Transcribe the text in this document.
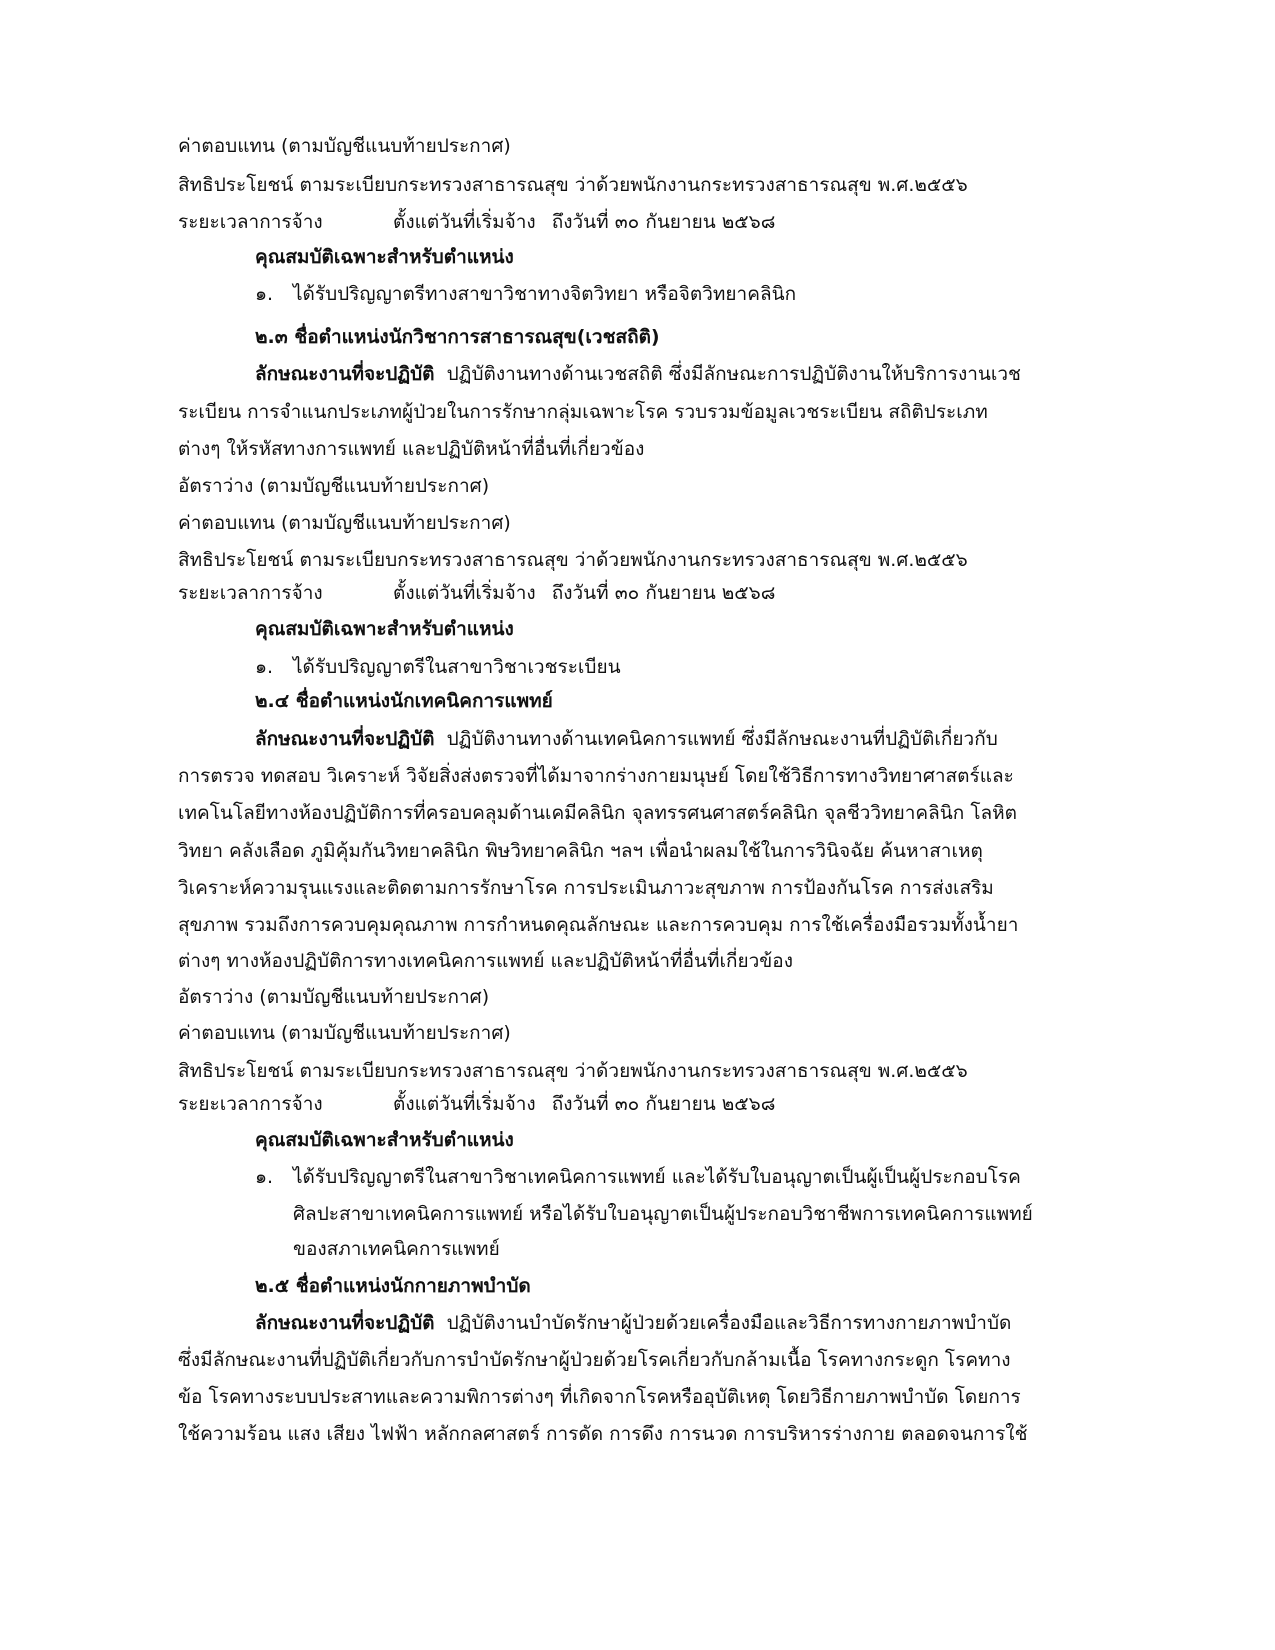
ค่าตอบแทน (ตามบัญชีแนบท้ายประกาศ)
สิทธิประโยชน์ ตามระเบียบกระทรวงสาธารณสุข ว่าด้วยพนักงานกระทรวงสาธารณสุข พ.ศ.๒๕๕๖
ระยะเวลาการจ้าง	ตั้งแต่วันที่เริ่มจ้าง ถึงวันที่ ๓๐ กันยายน ๒๕๖๘
คุณสมบัติเฉพาะสำหรับตำแหน่ง
๑. ได้รับปริญญาตรีทางสาขาวิชาทางจิตวิทยา หรือจิตวิทยาคลินิก
๒.๓ ชื่อตำแหน่งนักวิชาการสาธารณสุข(เวชสถิติ)
ลักษณะงานที่จะปฏิบัติ ปฏิบัติงานทางด้านเวชสถิติ ซึ่งมีลักษณะการปฏิบัติงานให้บริการงานเวช
ระเบียน การจำแนกประเภทผู้ป่วยในการรักษากลุ่มเฉพาะโรค รวบรวมข้อมูลเวชระเบียน สถิติประเภท
ต่างๆ ให้รหัสทางการแพทย์ และปฏิบัติหน้าที่อื่นที่เกี่ยวข้อง
อัตราว่าง (ตามบัญชีแนบท้ายประกาศ)
ค่าตอบแทน (ตามบัญชีแนบท้ายประกาศ)
สิทธิประโยชน์ ตามระเบียบกระทรวงสาธารณสุข ว่าด้วยพนักงานกระทรวงสาธารณสุข พ.ศ.๒๕๕๖
ระยะเวลาการจ้าง	ตั้งแต่วันที่เริ่มจ้าง ถึงวันที่ ๓๐ กันยายน ๒๕๖๘
คุณสมบัติเฉพาะสำหรับตำแหน่ง
๑. ได้รับปริญญาตรีในสาขาวิชาเวชระเบียน
๒.๔ ชื่อตำแหน่งนักเทคนิคการแพทย์
ลักษณะงานที่จะปฏิบัติ ปฏิบัติงานทางด้านเทคนิคการแพทย์ ซึ่งมีลักษณะงานที่ปฏิบัติเกี่ยวกับ
การตรวจ ทดสอบ วิเคราะห์ วิจัยสิ่งส่งตรวจที่ได้มาจากร่างกายมนุษย์ โดยใช้วิธีการทางวิทยาศาสตร์และ
เทคโนโลยีทางห้องปฏิบัติการที่ครอบคลุมด้านเคมีคลินิก จุลทรรศนศาสตร์คลินิก จุลชีววิทยาคลินิก โลหิต
วิทยา คลังเลือด ภูมิคุ้มกันวิทยาคลินิก พิษวิทยาคลินิก ฯลฯ เพื่อนำผลมใช้ในการวินิจฉัย ค้นหาสาเหตุ
วิเคราะห์ความรุนแรงและติดตามการรักษาโรค การประเมินภาวะสุขภาพ การป้องกันโรค การส่งเสริม
สุขภาพ รวมถึงการควบคุมคุณภาพ การกำหนดคุณลักษณะ และการควบคุม การใช้เครื่องมือรวมทั้งน้ำยา
ต่างๆ ทางห้องปฏิบัติการทางเทคนิคการแพทย์ และปฏิบัติหน้าที่อื่นที่เกี่ยวข้อง
อัตราว่าง (ตามบัญชีแนบท้ายประกาศ)
ค่าตอบแทน (ตามบัญชีแนบท้ายประกาศ)
สิทธิประโยชน์ ตามระเบียบกระทรวงสาธารณสุข ว่าด้วยพนักงานกระทรวงสาธารณสุข พ.ศ.๒๕๕๖
ระยะเวลาการจ้าง	ตั้งแต่วันที่เริ่มจ้าง ถึงวันที่ ๓๐ กันยายน ๒๕๖๘
คุณสมบัติเฉพาะสำหรับตำแหน่ง
๑. ได้รับปริญญาตรีในสาขาวิชาเทคนิคการแพทย์ และได้รับใบอนุญาตเป็นผู้เป็นผู้ประกอบโรค
ศิลปะสาขาเทคนิคการแพทย์ หรือได้รับใบอนุญาตเป็นผู้ประกอบวิชาชีพการเทคนิคการแพทย์
ของสภาเทคนิคการแพทย์
๒.๕ ชื่อตำแหน่งนักกายภาพบำบัด
ลักษณะงานที่จะปฏิบัติ ปฏิบัติงานบำบัดรักษาผู้ป่วยด้วยเครื่องมือและวิธีการทางกายภาพบำบัด
ซึ่งมีลักษณะงานที่ปฏิบัติเกี่ยวกับการบำบัดรักษาผู้ป่วยด้วยโรคเกี่ยวกับกล้ามเนื้อ โรคทางกระดูก โรคทาง
ข้อ โรคทางระบบประสาทและความพิการต่างๆ ที่เกิดจากโรคหรืออุบัติเหตุ โดยวิธีกายภาพบำบัด โดยการ
ใช้ความร้อน แสง เสียง ไฟฟ้า หลักกลศาสตร์ การดัด การดึง การนวด การบริหารร่างกาย ตลอดจนการใช้
